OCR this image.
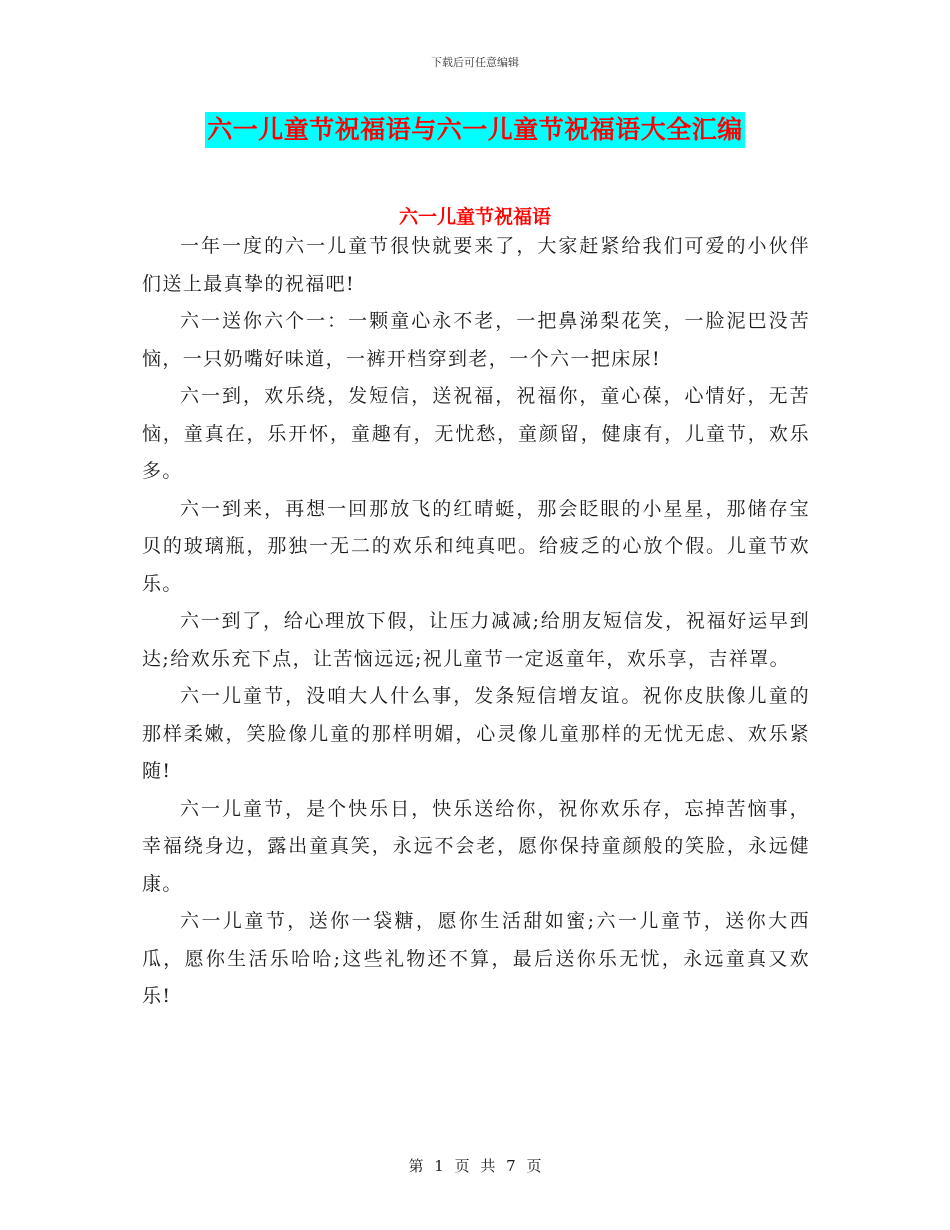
下载后可任意编辑
六一儿童节祝福语与六一儿童节祝福语大全汇编
六一儿童节祝福语

一年一度的六一儿童节很快就要来了，大家赶紧给我们可爱的小伙伴们送上最真挚的祝福吧!

六一送你六个一：一颗童心永不老，一把鼻涕梨花笑，一脸泥巴没苦恼，一只奶嘴好味道，一裤开档穿到老，一个六一把床尿!

六一到，欢乐绕，发短信，送祝福，祝福你，童心葆，心情好，无苦恼，童真在，乐开怀，童趣有，无忧愁，童颜留，健康有，儿童节，欢乐多。

六一到来，再想一回那放飞的红晴蜓，那会眨眼的小星星，那储存宝贝的玻璃瓶，那独一无二的欢乐和纯真吧。给疲乏的心放个假。儿童节欢乐。

六一到了，给心理放下假，让压力减减;给朋友短信发，祝福好运早到达;给欢乐充下点，让苦恼远远;祝儿童节一定返童年，欢乐享，吉祥罩。

六一儿童节，没咱大人什么事，发条短信增友谊。祝你皮肤像儿童的那样柔嫩，笑脸像儿童的那样明媚，心灵像儿童那样的无忧无虑、欢乐紧随!

六一儿童节，是个快乐日，快乐送给你，祝你欢乐存，忘掉苦恼事，幸福绕身边，露出童真笑，永远不会老，愿你保持童颜般的笑脸，永远健康。

六一儿童节，送你一袋糖，愿你生活甜如蜜;六一儿童节，送你大西瓜，愿你生活乐哈哈;这些礼物还不算，最后送你乐无忧，永远童真又欢乐!

第 1 页 共 7 页
